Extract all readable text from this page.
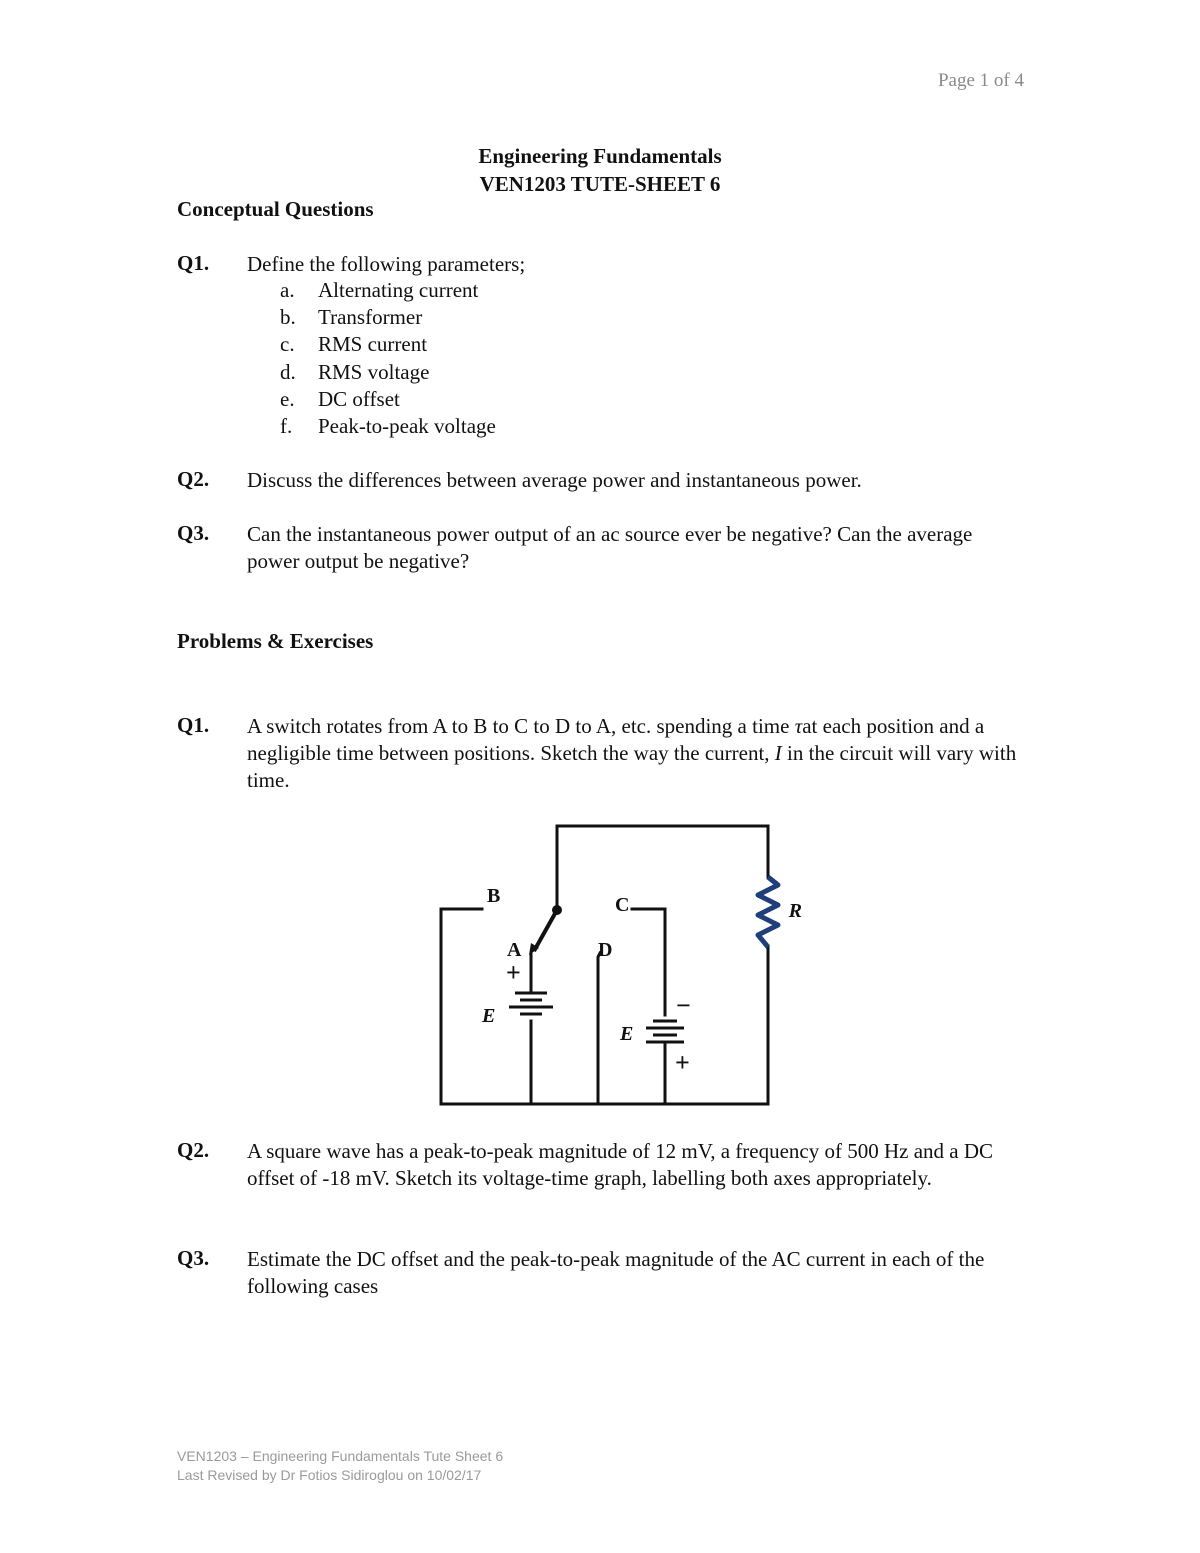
Page 1 of 4
Engineering Fundamentals
VEN1203 TUTE-SHEET 6
Conceptual Questions
Q1. Define the following parameters;
a.	Alternating current
b.	Transformer
c.	RMS current
d.	RMS voltage
e.	DC offset
f.	Peak-to-peak voltage
Q2. Discuss the differences between average power and instantaneous power.
Q3. Can the instantaneous power output of an ac source ever be negative? Can the average power output be negative?
Problems & Exercises
Q1. A switch rotates from A to B to C to D to A, etc. spending a time τat each position and a negligible time between positions. Sketch the way the current, I in the circuit will vary with time.
B	C
A	D
R
E
E
+
+
−
Q2. A square wave has a peak-to-peak magnitude of 12 mV, a frequency of 500 Hz and a DC offset of -18 mV. Sketch its voltage-time graph, labelling both axes appropriately.
Q3. Estimate the DC offset and the peak-to-peak magnitude of the AC current in each of the following cases
VEN1203 – Engineering Fundamentals Tute Sheet 6
Last Revised by Dr Fotios Sidiroglou on 10/02/17
